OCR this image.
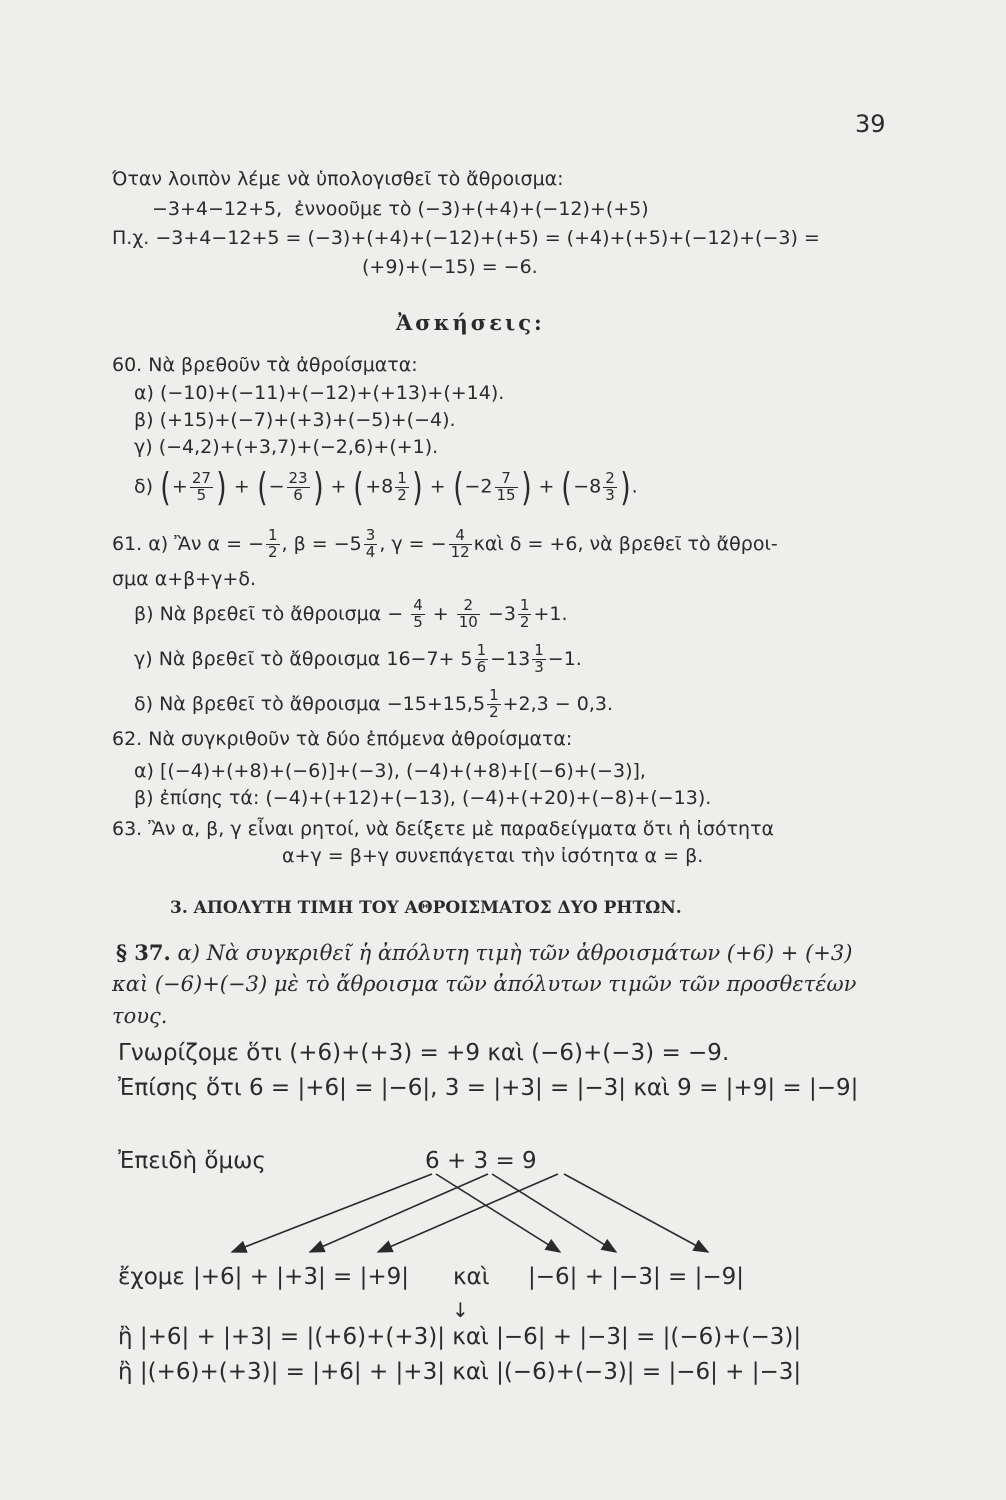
39
Όταν λοιπὸν λέμε νὰ ὑπολογισθεῖ τὸ ἄθροισμα:
−3+4−12+5, ἐννοοῦμε τὸ (−3)+(+4)+(−12)+(+5)
Π.χ. −3+4−12+5 = (−3)+(+4)+(−12)+(+5) = (+4)+(+5)+(−12)+(−3) =
(+9)+(−15) = −6.
Ἀσκήσεις:
60. Νὰ βρεθοῦν τὰ ἀθροίσματα:
α) (−10)+(−11)+(−12)+(+13)+(+14).
β) (+15)+(−7)+(+3)+(−5)+(−4).
γ) (−4,2)+(+3,7)+(−2,6)+(+1).
δ) (+ $\frac{27}{5}$ ) + (− $\frac{23}{6}$ ) + ($+8 \frac{1}{2}$ ) + ($-2 \frac{7}{15}$ ) + ($-8 \frac{2}{3}$ ).
61. α) Ἂν α = − $\frac{1}{2}$ , $\beta = -5 \frac{3}{4}$ , γ = − $\frac{4}{12}$ καὶ δ = +6, νὰ βρεθεῖ τὸ ἄθροι-
σμα α+β+γ+δ.
β) Νὰ βρεθεῖ τὸ ἄθροισμα − $\frac{4}{5} + \frac{2}{10} -3 \frac{1}{2} +1$.
γ) Νὰ βρεθεῖ τὸ ἄθροισμα $16-7+ 5 \frac{1}{6} -13 \frac{1}{3} -1$.
δ) Νὰ βρεθεῖ τὸ ἄθροισμα $-15+15,5 \frac{1}{2} +2,3 - 0,3$.
62. Νὰ συγκριθοῦν τὰ δύο ἑπόμενα ἀθροίσματα:
α) [(−4)+(+8)+(−6)]+(−3), (−4)+(+8)+[(−6)+(−3)],
β) ἐπίσης τά: (−4)+(+12)+(−13), (−4)+(+20)+(−8)+(−13).
63. Ἂν α, β, γ εἶναι ρητοί, νὰ δείξετε μὲ παραδείγματα ὅτι ἡ ἰσότητα
α+γ = β+γ συνεπάγεται τὴν ἰσότητα α = β.
3. ΑΠΟΛΥΤΗ ΤΙΜΗ ΤΟΥ ΑΘΡΟΙΣΜΑΤΟΣ ΔΥΟ ΡΗΤΩΝ.
§ 37. α) Νὰ συγκριθεῖ ἡ ἀπόλυτη τιμὴ τῶν ἀθροισμάτων (+6) + (+3)
καὶ (−6)+(−3) μὲ τὸ ἄθροισμα τῶν ἀπόλυτων τιμῶν τῶν προσθετέων
τους.
Γνωρίζομε ὅτι (+6)+(+3) = +9 καὶ (−6)+(−3) = −9.
Ἐπίσης ὅτι 6 = |+6| = |−6|, 3 = |+3| = |−3| καὶ 9 = |+9| = |−9|
Ἐπειδὴ ὅμως	6 + 3 = 9
ἔχομε |+6| + |+3| = |+9| καὶ |−6| + |−3| = |−9|
↓
ἢ |+6| + |+3| = |(+6)+(+3)| καὶ |−6| + |−3| = |(−6)+(−3)|
ἢ |(+6)+(+3)| = |+6| + |+3| καὶ |(−6)+(−3)| = |−6| + |−3|
